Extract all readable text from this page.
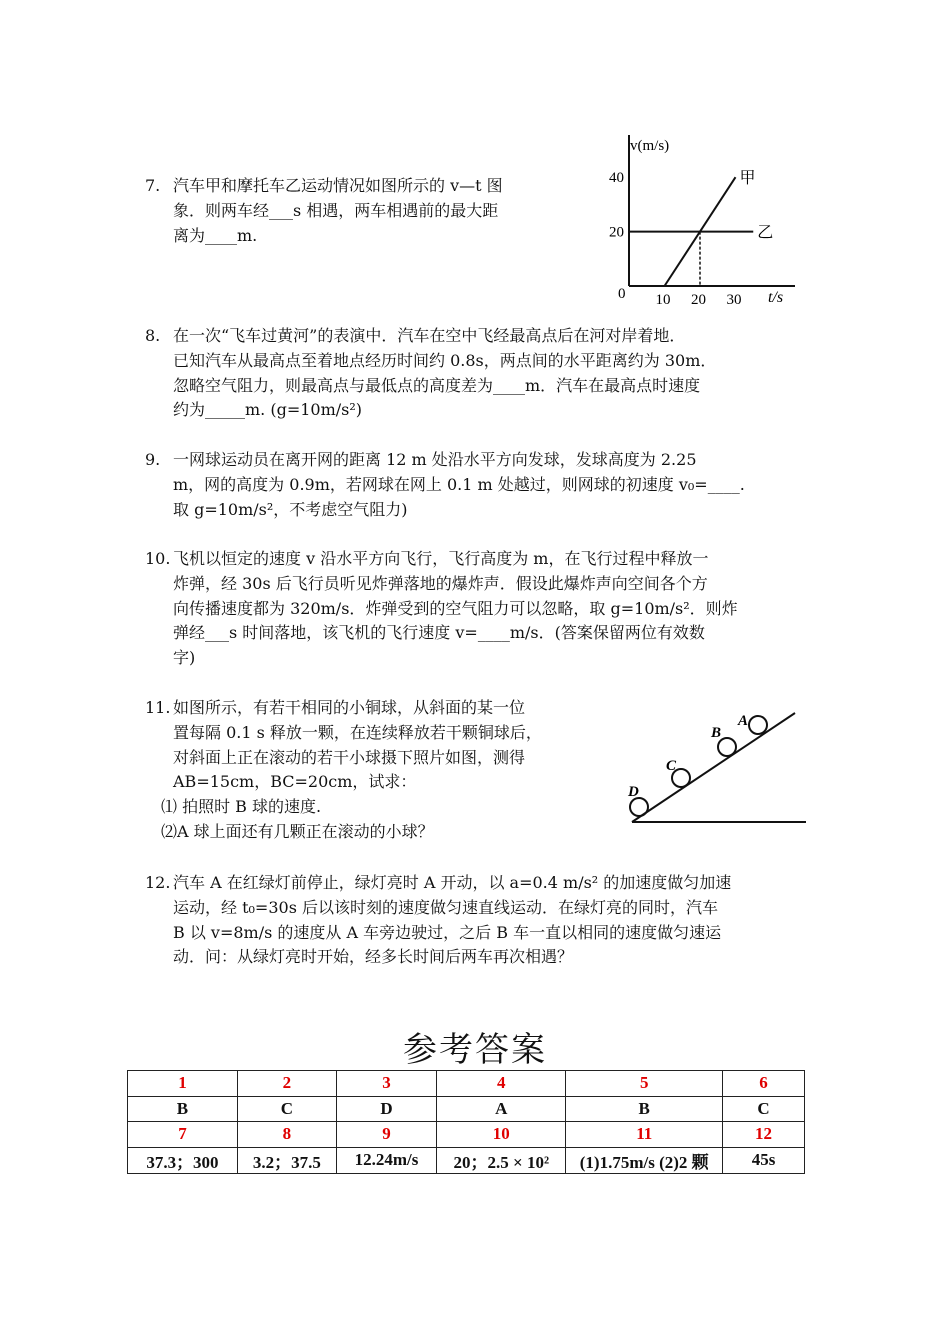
7. 汽车甲和摩托车乙运动情况如图所示的 v—t 图
象．则两车经___s 相遇，两车相遇前的最大距
离为____m.
8. 在一次“飞车过黄河”的表演中．汽车在空中飞经最高点后在河对岸着地．
已知汽车从最高点至着地点经历时间约 0.8s，两点间的水平距离约为 30m．
忽略空气阻力，则最高点与最低点的高度差为____m．汽车在最高点时速度
约为_____m. (g=10m/s²)
9. 一网球运动员在离开网的距离 12 m 处沿水平方向发球，发球高度为 2.25
m，网的高度为 0.9m，若网球在网上 0.1 m 处越过，则网球的初速度 v₀=____.
取 g=10m/s²，不考虑空气阻力)
10. 飞机以恒定的速度 v 沿水平方向飞行，飞行高度为 m，在飞行过程中释放一
炸弹，经 30s 后飞行员听见炸弹落地的爆炸声．假设此爆炸声向空间各个方
向传播速度都为 320m/s．炸弹受到的空气阻力可以忽略，取 g=10m/s²．则炸
弹经___s 时间落地，该飞机的飞行速度 v=____m/s．(答案保留两位有效数
字)
11. 如图所示，有若干相同的小铜球，从斜面的某一位
置每隔 0.1 s 释放一颗，在连续释放若干颗铜球后，
对斜面上正在滚动的若干小球摄下照片如图，测得
AB=15cm，BC=20cm，试求：
⑴ 拍照时 B 球的速度.
⑵A 球上面还有几颗正在滚动的小球？
12. 汽车 A 在红绿灯前停止，绿灯亮时 A 开动，以 a=0.4 m/s² 的加速度做匀加速
运动，经 t₀=30s 后以该时刻的速度做匀速直线运动．在绿灯亮的同时，汽车
B 以 v=8m/s 的速度从 A 车旁边驶过，之后 B 车一直以相同的速度做匀速运
动．问：从绿灯亮时开始，经多长时间后两车再次相遇？
v(m/s)
t/s
0
甲
乙
10 20 30
40
20
A
B
C
D
参考答案
1	2	3	4	5	6
B	C	D	A	B	C
7	8	9	10	11	12
37.3；300	3.2；37.5	12.24m/s	20；2.5 × 10²	(1)1.75m/s (2)2 颗	45s
